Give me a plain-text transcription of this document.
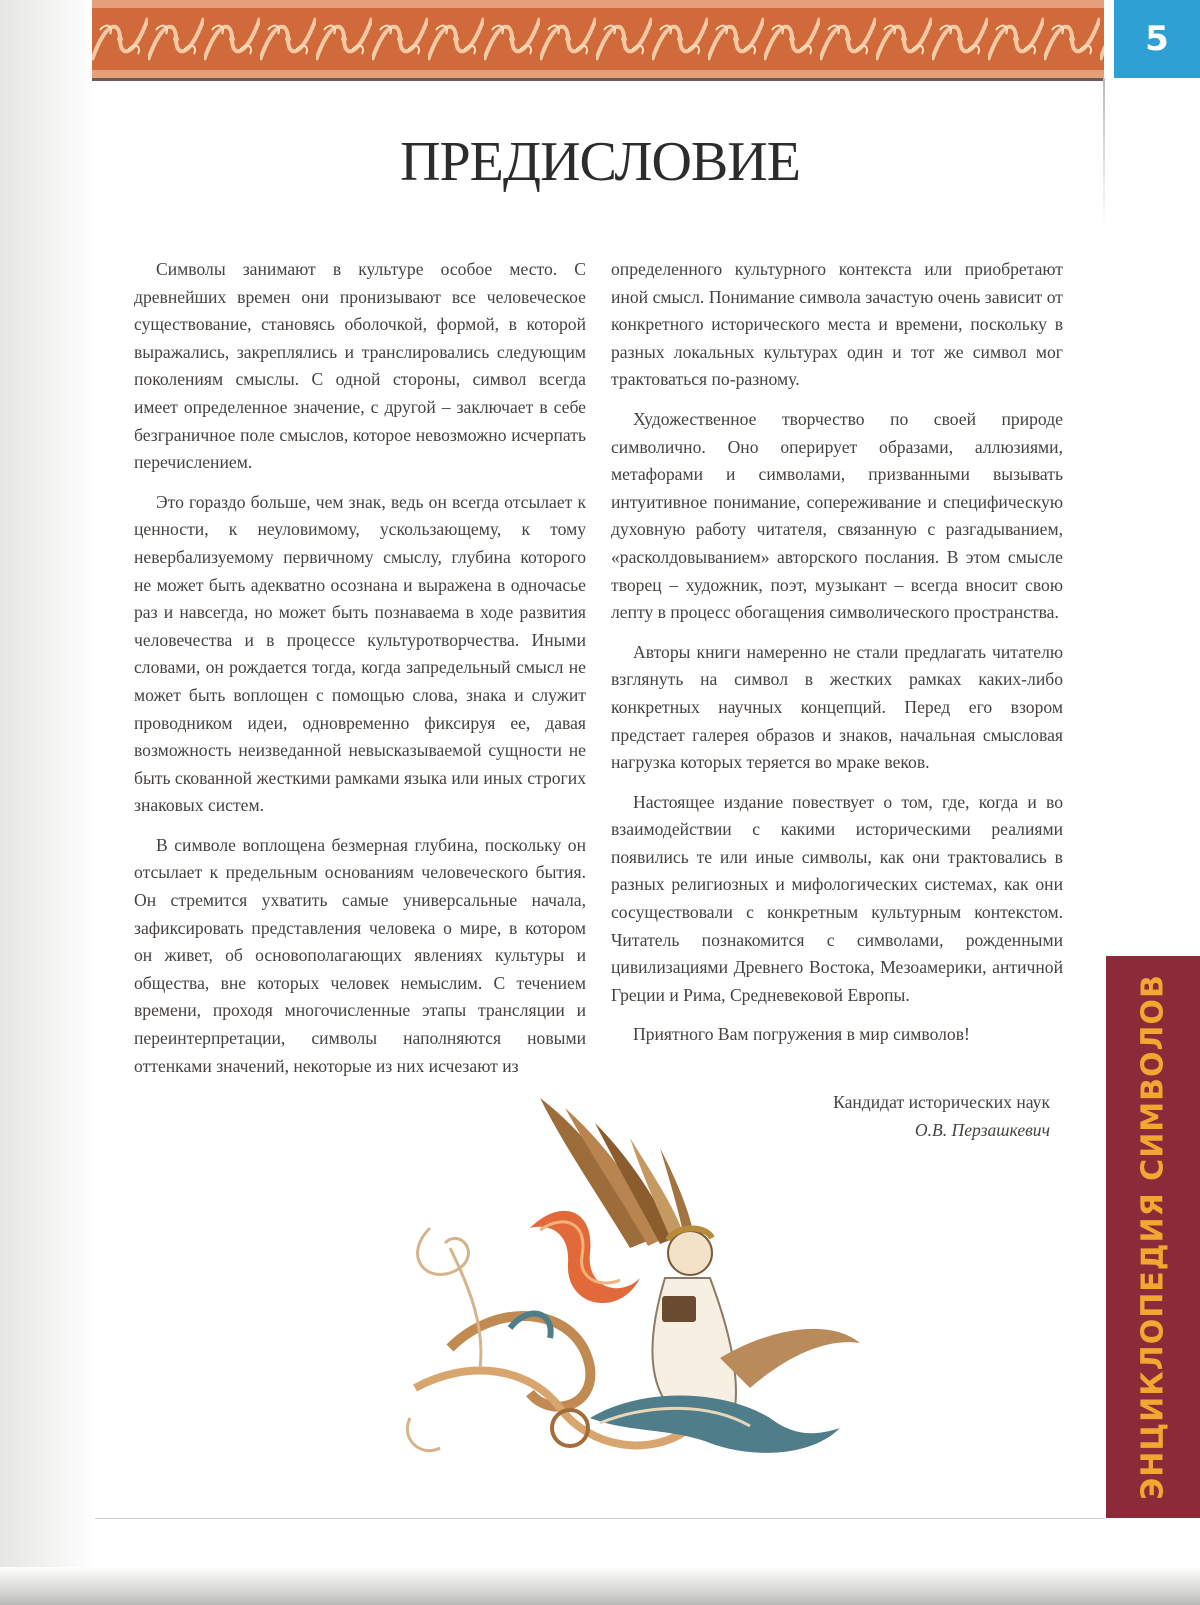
5
ПРЕДИСЛОВИЕ

Символы занимают в культуре особое место. С древнейших времен они пронизывают все человеческое существование, становясь оболочкой, формой, в которой выражались, закреплялись и транслировались следующим поколениям смыслы. С одной стороны, символ всегда имеет определенное значение, с другой – заключает в себе безграничное поле смыслов, которое невозможно исчерпать перечислением.

Это гораздо больше, чем знак, ведь он всегда отсылает к ценности, к неуловимому, ускользающему, к тому невербализуемому первичному смыслу, глубина которого не может быть адекватно осознана и выражена в одночасье раз и навсегда, но может быть познаваема в ходе развития человечества и в процессе культуротворчества. Иными словами, он рождается тогда, когда запредельный смысл не может быть воплощен с помощью слова, знака и служит проводником идеи, одновременно фиксируя ее, давая возможность неизведанной невысказываемой сущности не быть скованной жесткими рамками языка или иных строгих знаковых систем.

В символе воплощена безмерная глубина, поскольку он отсылает к предельным основаниям человеческого бытия. Он стремится ухватить самые универсальные начала, зафиксировать представления человека о мире, в котором он живет, об основополагающих явлениях культуры и общества, вне которых человек немыслим. С течением времени, проходя многочисленные этапы трансляции и переинтерпретации, символы наполняются новыми оттенками значений, некоторые из них исчезают из

определенного культурного контекста или приобретают иной смысл. Понимание символа зачастую очень зависит от конкретного исторического места и времени, поскольку в разных локальных культурах один и тот же символ мог трактоваться по-разному.

Художественное творчество по своей природе символично. Оно оперирует образами, аллюзиями, метафорами и символами, призванными вызывать интуитивное понимание, сопереживание и специфическую духовную работу читателя, связанную с разгадыванием, «расколдовыванием» авторского послания. В этом смысле творец – художник, поэт, музыкант – всегда вносит свою лепту в процесс обогащения символического пространства.

Авторы книги намеренно не стали предлагать читателю взглянуть на символ в жестких рамках каких-либо конкретных научных концепций. Перед его взором предстает галерея образов и знаков, начальная смысловая нагрузка которых теряется во мраке веков.

Настоящее издание повествует о том, где, когда и во взаимодействии с какими историческими реалиями появились те или иные символы, как они трактовались в разных религиозных и мифологических системах, как они сосуществовали с конкретным культурным контекстом. Читатель познакомится с символами, рожденными цивилизациями Древнего Востока, Мезоамерики, античной Греции и Рима, Средневековой Европы.

Приятного Вам погружения в мир символов!

Кандидат исторических наук
О.В. Перзашкевич	ЭНЦИКЛОПЕДИЯ СИМВОЛОВ
